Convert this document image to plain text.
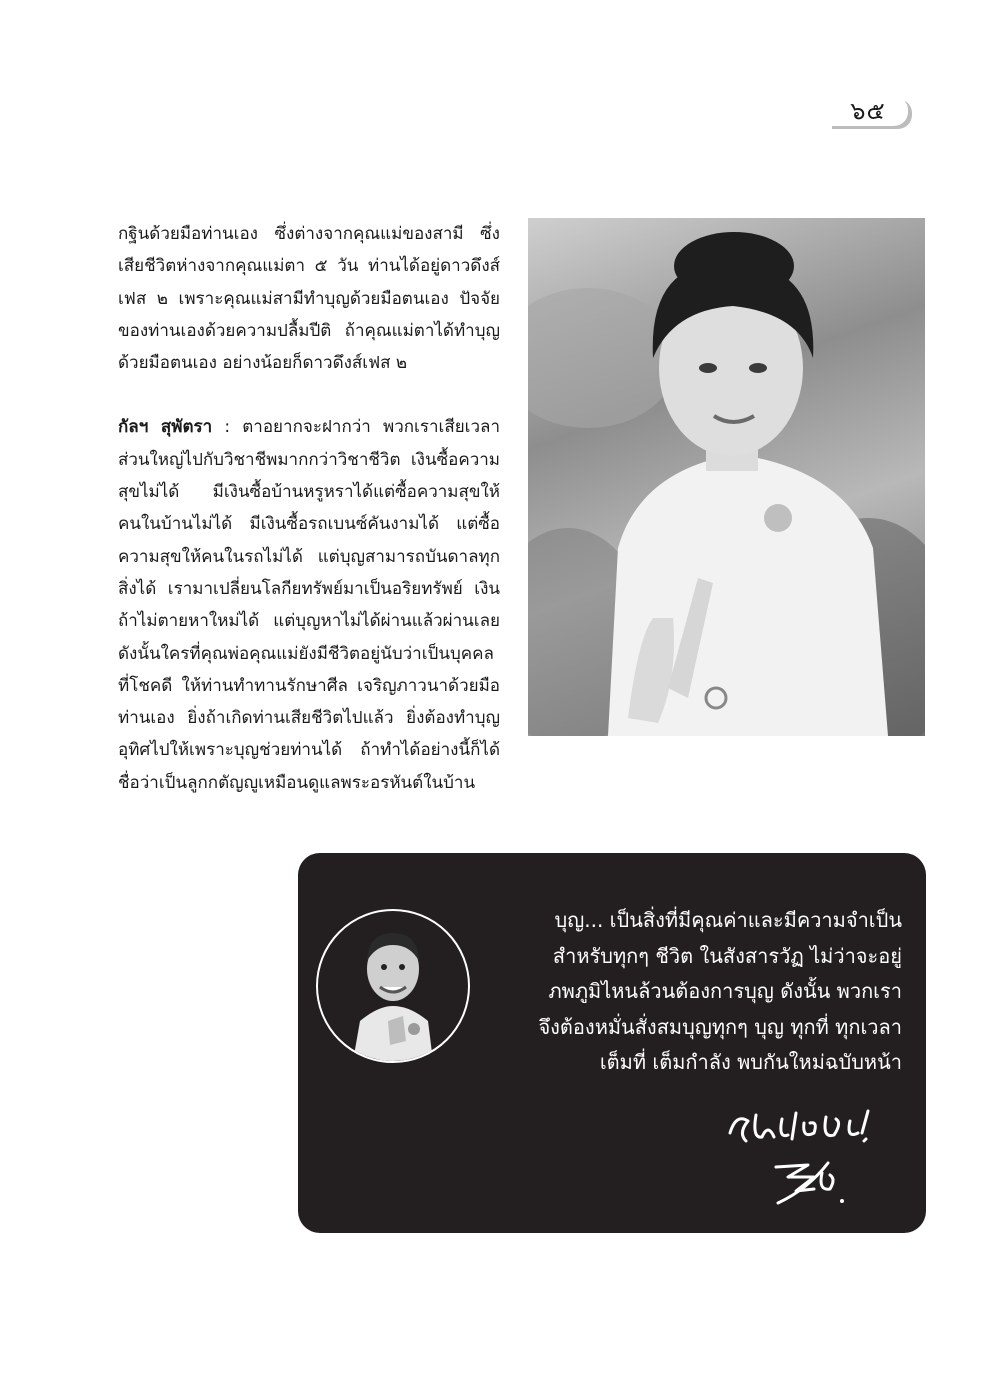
๖๕

กฐินด้วยมือท่านเอง ซึ่งต่างจากคุณแม่ของสามี ซึ่งเสียชีวิตห่างจากคุณแม่ตา ๕ วัน ท่านได้อยู่ดาวดึงส์เฟส ๒ เพราะคุณแม่สามีทำบุญด้วยมือตนเอง ปัจจัยของท่านเองด้วยความปลื้มปีติ ถ้าคุณแม่ตาได้ทำบุญด้วยมือตนเอง อย่างน้อยก็ดาวดึงส์เฟส ๒

กัลฯ สุพัตรา : ตาอยากจะฝากว่า พวกเราเสียเวลาส่วนใหญ่ไปกับวิชาชีพมากกว่าวิชาชีวิต เงินซื้อความสุขไม่ได้ มีเงินซื้อบ้านหรูหราได้แต่ซื้อความสุขให้คนในบ้านไม่ได้ มีเงินซื้อรถเบนซ์คันงามได้ แต่ซื้อความสุขให้คนในรถไม่ได้ แต่บุญสามารถบันดาลทุกสิ่งได้ เรามาเปลี่ยนโลกียทรัพย์มาเป็นอริยทรัพย์ เงินถ้าไม่ตายหาใหม่ได้ แต่บุญหาไม่ได้ผ่านแล้วผ่านเลย ดังนั้นใครที่คุณพ่อคุณแม่ยังมีชีวิตอยู่นับว่าเป็นบุคคลที่โชคดี ให้ท่านทำทานรักษาศีล เจริญภาวนาด้วยมือท่านเอง ยิ่งถ้าเกิดท่านเสียชีวิตไปแล้ว ยิ่งต้องทำบุญอุทิศไปให้เพราะบุญช่วยท่านได้ ถ้าทำได้อย่างนี้ก็ได้ชื่อว่าเป็นลูกกตัญญูเหมือนดูแลพระอรหันต์ในบ้าน

บุญ... เป็นสิ่งที่มีคุณค่าและมีความจำเป็น
สำหรับทุกๆ ชีวิต ในสังสารวัฏ ไม่ว่าจะอยู่
ภพภูมิไหนล้วนต้องการบุญ ดังนั้น พวกเรา
จึงต้องหมั่นสั่งสมบุญทุกๆ บุญ ทุกที่ ทุกเวลา
เต็มที่ เต็มกำลัง พบกันใหม่ฉบับหน้า
